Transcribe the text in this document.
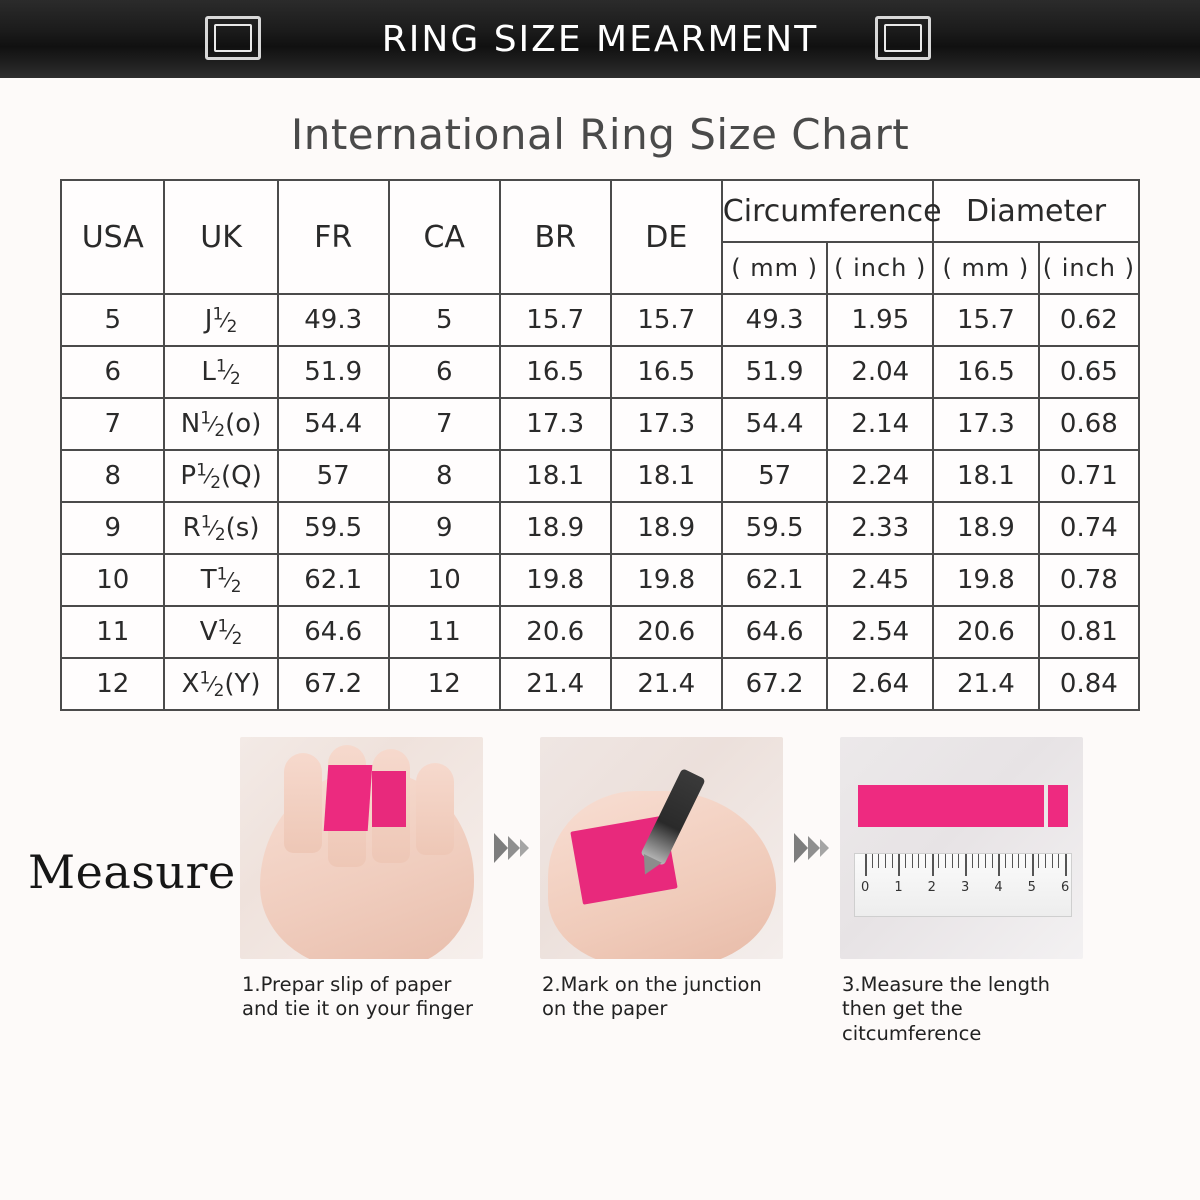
RING SIZE MEARMENT
International Ring Size Chart
USA	UK	FR	CA	BR	DE	Circumference		Diameter	
						( mm )	( inch )	( mm )	( inch )
5	$J^1⁄_2$	49.3	5	15.7	15.7	49.3	1.95	15.7	0.62
6	$L^1⁄_2$	51.9	6	16.5	16.5	51.9	2.04	16.5	0.65
7	$N^1⁄_2(o)$	54.4	7	17.3	17.3	54.4	2.14	17.3	0.68
8	$P^1⁄_2(Q)$	57	8	18.1	18.1	57	2.24	18.1	0.71
9	$R^1⁄_2(s)$	59.5	9	18.9	18.9	59.5	2.33	18.9	0.74
10	$T^1⁄_2$	62.1	10	19.8	19.8	62.1	2.45	19.8	0.78
11	$V^1⁄_2$	64.6	11	20.6	20.6	64.6	2.54	20.6	0.81
12	$X^1⁄_2(Y)$	67.2	12	21.4	21.4	67.2	2.64	21.4	0.84
Measure
1.Prepar slip of paper and tie it on your finger
2.Mark on the junction on the paper
0 1 2 3 4 5 6
3.Measure the length then get the citcumference
